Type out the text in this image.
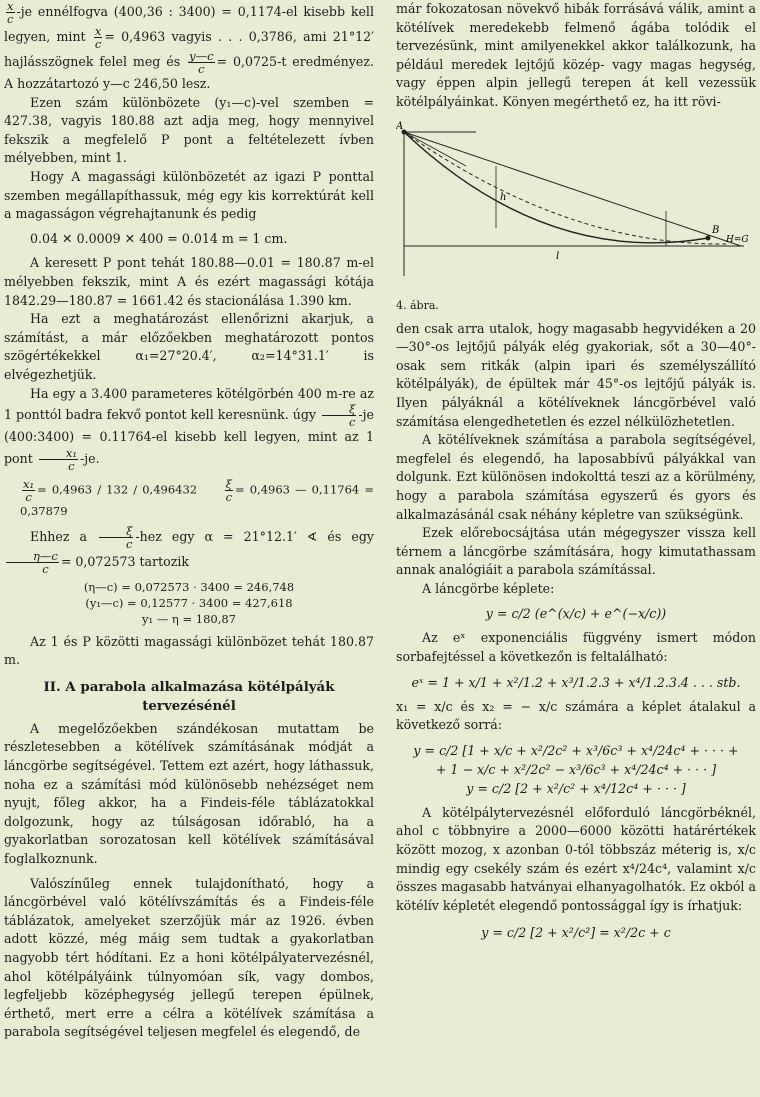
$\frac{x}{c} -je$ ennélfogva (400,36 : 3400) = 0,1174-el kisebb kell legyen, mint $\frac{x}{c} = 0,4963$ vagyis . . . 0,3786, ami 21°12′ hajlásszögnek felel meg és $\frac{y—c}{c} = 0,0725-t$ eredményez. A hozzátartozó y—c 246,50 lesz.

Ezen szám különbözete (y₁—c)-vel szemben = 427.38, vagyis 180.88 azt adja meg, hogy mennyivel fekszik a megfelelő P pont a feltételezett ívben mélyebben, mint 1.

Hogy A magassági különbözetét az igazi P ponttal szemben megállapíthassuk, még egy kis korrektúrát kell a magasságon végrehajtanunk és pedig

0.04 ✕ 0.0009 ✕ 400 = 0.014 m = 1 cm.

A keresett P pont tehát 180.88—0.01 = 180.87 m-el mélyebben fekszik, mint A és ezért magassági kótája 1842.29—180.87 = 1661.42 és stacionálása 1.390 km.

Ha ezt a meghatározást ellenőrizni akarjuk, a számítást, a már előzőekben meghatározott pontos szögértékekkel α₁=27°20.4′, α₂=14°31.1′ is elvégezhetjük.

Ha egy a 3.400 parameteres kötélgörbén 400 m-re az 1 ponttól badra fekvő pontot kell keresnünk. úgy $\frac{\xi}{c} -je$ (400:3400) = 0.11764-el kisebb kell legyen, mint az 1 pont $\frac{\text{x₁}}{c} -je$.

$\frac{\text{x₁}}{c} = 0,4963 / 132 / 0,496432 \frac{\xi}{c} = 0,4963$ — 0,11764 = 0,37879

Ehhez a $\frac{\xi}{c} -hez$ egy α = 21°12.1′ ∢ és egy
$\frac{\eta—c}{c} = 0,072573$ tartozik

(η—c) = 0,072573 · 3400 = 246,748

(y₁—c) = 0,12577 · 3400 = 427,618

y₁ — η = 180,87

Az 1 és P közötti magassági különbözet tehát 180.87 m.

II. A parabola alkalmazása kötélpályák
tervezésénél

A megelőzőekben szándékosan mutattam be részletesebben a kötélívek számításának módját a láncgörbe segítségével. Tettem ezt azért, hogy láthassuk, noha ez a számítási mód különösebb nehézséget nem nyujt, főleg akkor, ha a Findeis-féle táblázatokkal dolgozunk, hogy az túlságosan időrabló, ha a gyakorlatban sorozatosan kell kötélívek számításával foglalkoznunk.

Valószínűleg ennek tulajdonítható, hogy a láncgörbével való kötélívszámítás és a Findeis-féle táblázatok, amelyeket szerzőjük már az 1926. évben adott közzé, még máig sem tudtak a gyakorlatban nagyobb tért hódítani. Ez a honi kötélpályatervezésnél, ahol kötélpályáink túlnyomóan sík, vagy dombos, legfeljebb középhegység jellegű terepen épülnek, érthető, mert erre a célra a kötélívek számítása a parabola segítségével teljesen megfelel és elegendő, de

már fokozatosan növekvő hibák forrásává válik, amint a kötélívek meredekebb felmenő ágába tolódik el tervezésünk, mint amilyenekkel akkor találkozunk, ha például meredek lejtőjű közép- vagy magas hegység, vagy éppen alpin jellegű terepen át kell vezessük kötélpályáinkat. Könyen megérthető ez, ha itt rövi-

A
B
H=G
l
h
4. ábra.

den csak arra utalok, hogy magasabb hegyvidéken a 20—30°-os lejtőjű pályák elég gyakoriak, sőt a 30—40°-osak sem ritkák (alpin ipari és személyszállító kötélpályák), de épültek már 45°-os lejtőjű pályák is. Ilyen pályáknál a kötélíveknek láncgörbével való számítása elengedhetetlen és ezzel nélkülözhetetlen.

A kötélíveknek számítása a parabola segítségével, megfelel és elegendő, ha laposabbívű pályákkal van dolgunk. Ezt különösen indokolttá teszi az a körülmény, hogy a parabola számítása egyszerű és gyors és alkalmazásánál csak néhány képletre van szükségünk.

Ezek előrebocsájtása után mégegyszer vissza kell térnem a láncgörbe számítására, hogy kimutathassam annak analógiáit a parabola számítással.

A láncgörbe képlete:

y = c/2 (e^(x/c) + e^(−x/c))

Az eˣ exponenciális függvény ismert módon sorbafejtéssel a következőn is feltalálható:

eˣ = 1 + x/1 + x²/1.2 + x³/1.2.3 + x⁴/1.2.3.4 . . . stb.

x₁ = x/c és x₂ = − x/c számára a képlet átalakul a következő sorrá:

y = c/2 [1 + x/c + x²/2c² + x³/6c³ + x⁴/24c⁴ + · · · +
+ 1 − x/c + x²/2c² − x³/6c³ + x⁴/24c⁴ + · · · ]
y = c/2 [2 + x²/c² + x⁴/12c⁴ + · · · ]

A kötélpálytervezésnél előforduló láncgörbéknél, ahol c többnyire a 2000—6000 közötti határértékek között mozog, x azonban 0-tól többszáz méterig is, x/c mindig egy csekély szám és ezért x⁴/24c⁴, valamint x/c összes magasabb hatványai elhanyagolhatók. Ez okból a kötélív képletét elegendő pontossággal így is írhatjuk:

y = c/2 [2 + x²/c²] = x²/2c + c
